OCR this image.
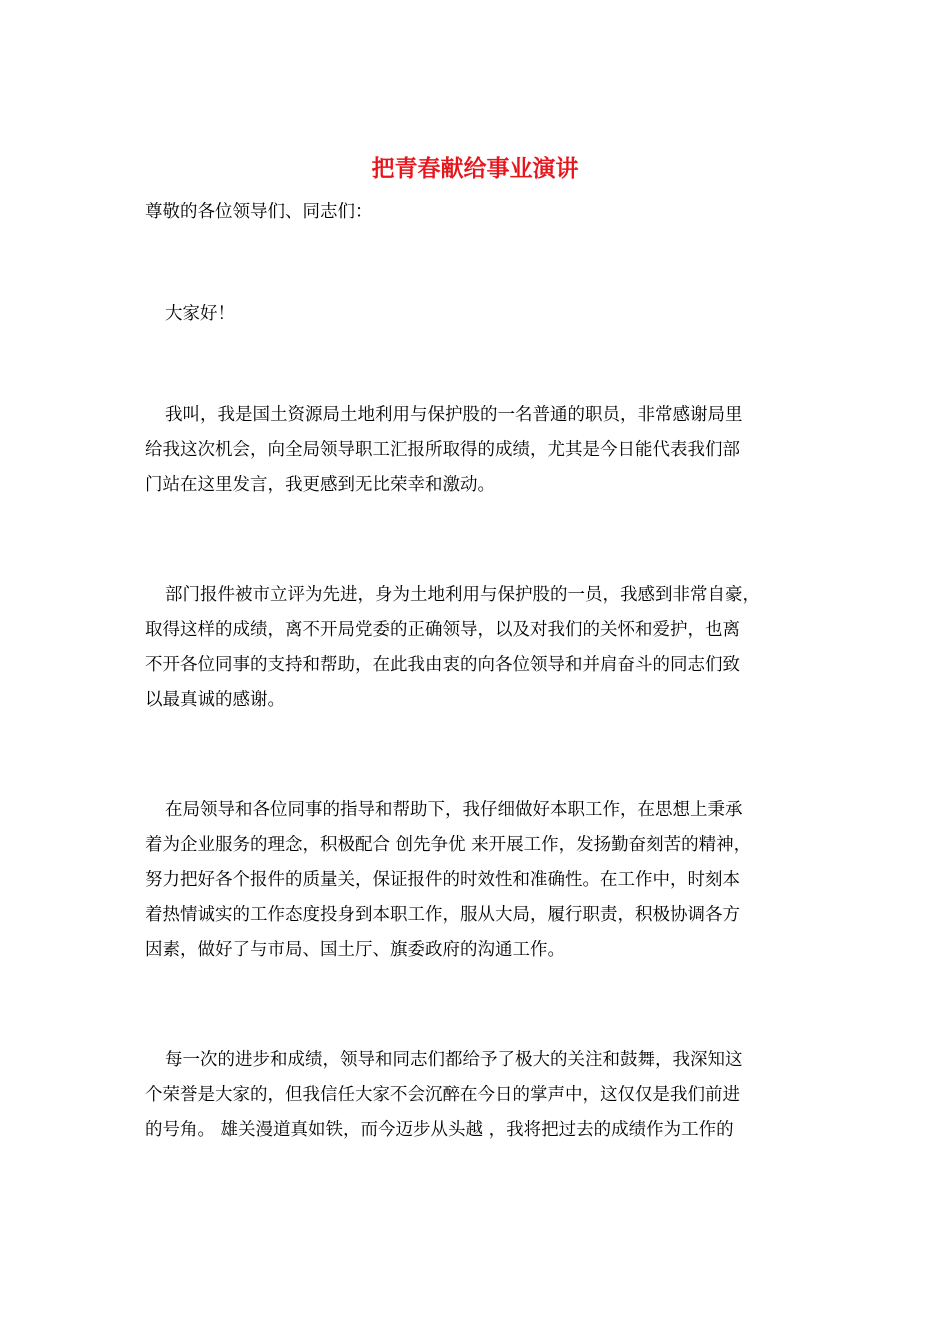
把青春献给事业演讲
尊敬的各位领导们、同志们：
大家好！
我叫，我是国土资源局土地利用与保护股的一名普通的职员，非常感谢局里
给我这次机会，向全局领导职工汇报所取得的成绩，尤其是今日能代表我们部
门站在这里发言，我更感到无比荣幸和激动。
部门报件被市立评为先进，身为土地利用与保护股的一员，我感到非常自豪，
取得这样的成绩，离不开局党委的正确领导，以及对我们的关怀和爱护，也离
不开各位同事的支持和帮助，在此我由衷的向各位领导和并肩奋斗的同志们致
以最真诚的感谢。
在局领导和各位同事的指导和帮助下，我仔细做好本职工作，在思想上秉承
着为企业服务的理念，积极配合 创先争优 来开展工作，发扬勤奋刻苦的精神，
努力把好各个报件的质量关，保证报件的时效性和准确性。在工作中，时刻本
着热情诚实的工作态度投身到本职工作，服从大局，履行职责，积极协调各方
因素，做好了与市局、国土厅、旗委政府的沟通工作。
每一次的进步和成绩，领导和同志们都给予了极大的关注和鼓舞，我深知这
个荣誉是大家的，但我信任大家不会沉醉在今日的掌声中，这仅仅是我们前进
的号角。 雄关漫道真如铁，而今迈步从头越 ，我将把过去的成绩作为工作的
